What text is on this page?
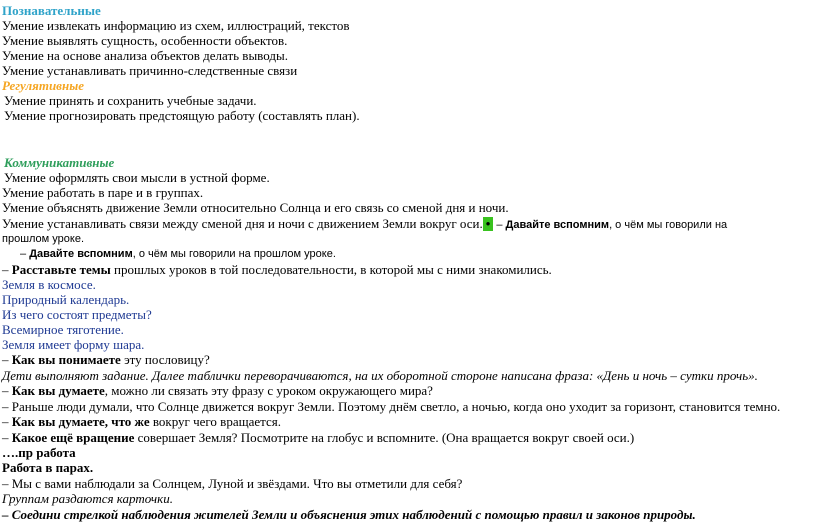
Познавательные
Умение извлекать информацию из схем, иллюстраций, текстов
Умение выявлять сущность, особенности объектов.
Умение на основе анализа объектов делать выводы.
Умение устанавливать причинно-следственные связи
Регулятивные
Умение принять и сохранить учебные задачи.
Умение прогнозировать предстоящую работу (составлять план).
Коммуникативные
Умение оформлять свои мысли в устной форме.
Умение работать в паре и в группах.
Умение объяснять движение Земли относительно Солнца и его связь со сменой дня и ночи.
Умение устанавливать связи между сменой дня и ночи с движением Земли вокруг оси. • – Давайте вспомним, о чём мы говорили на
прошлом уроке.
– Давайте вспомним, о чём мы говорили на прошлом уроке.
– Расставьте темы прошлых уроков в той последовательности, в которой мы с ними знакомились.
Земля в космосе.
Природный календарь.
Из чего состоят предметы?
Всемирное тяготение.
Земля имеет форму шара.
– Как вы понимаете эту пословицу?
Дети выполняют задание. Далее таблички переворачиваются, на их оборотной стороне написана фраза: «День и ночь – сутки прочь».
– Как вы думаете, можно ли связать эту фразу с уроком окружающего мира?
– Раньше люди думали, что Солнце движется вокруг Земли. Поэтому днём светло, а ночью, когда оно уходит за горизонт, становится темно.
– Как вы думаете, что же вокруг чего вращается.
– Какое ещё вращение совершает Земля? Посмотрите на глобус и вспомните. (Она вращается вокруг своей оси.)
….пр работа
Работа в парах.
– Мы с вами наблюдали за Солнцем, Луной и звёздами. Что вы отметили для себя?
Группам раздаются карточки.
– Соедини стрелкой наблюдения жителей Земли и объяснения этих наблюдений с помощью правил и законов природы.
